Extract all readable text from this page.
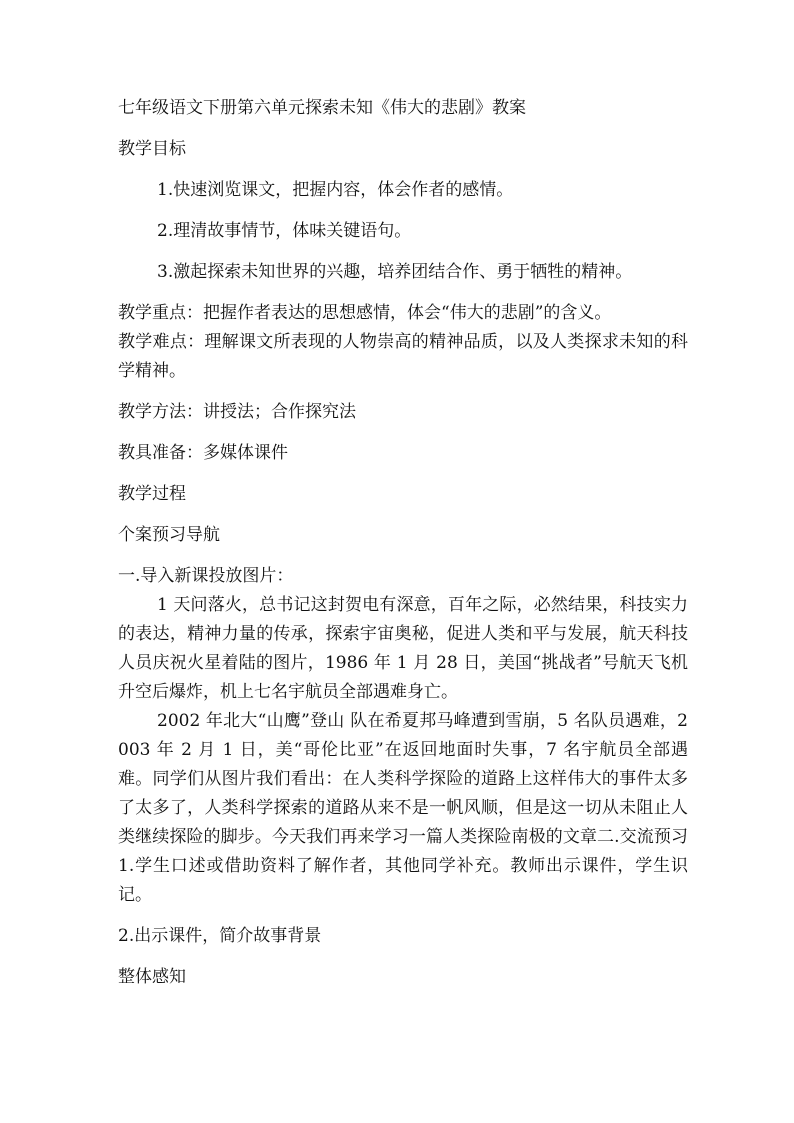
七年级语文下册第六单元探索未知《伟大的悲剧》教案

教学目标

1.快速浏览课文，把握内容，体会作者的感情。

2.理清故事情节，体味关键语句。

3.激起探索未知世界的兴趣，培养团结合作、勇于牺牲的精神。

教学重点：把握作者表达的思想感情，体会“伟大的悲剧”的含义。

教学难点：理解课文所表现的人物崇高的精神品质，以及人类探求未知的科学精神。

教学方法：讲授法；合作探究法

教具准备：多媒体课件

教学过程

个案预习导航

一.导入新课投放图片：

1 天问落火，总书记这封贺电有深意，百年之际，必然结果，科技实力的表达，精神力量的传承，探索宇宙奥秘，促进人类和平与发展，航天科技人员庆祝火星着陆的图片，1986 年 1 月 28 日，美国“挑战者”号航天飞机升空后爆炸，机上七名宇航员全部遇难身亡。

2002 年北大“山鹰”登山 队在希夏邦马峰遭到雪崩，5 名队员遇难，2003 年 2 月 1 日，美“哥伦比亚”在返回地面时失事，7 名宇航员全部遇难。同学们从图片我们看出：在人类科学探险的道路上这样伟大的事件太多了太多了，人类科学探索的道路从来不是一帆风顺，但是这一切从未阻止人类继续探险的脚步。今天我们再来学习一篇人类探险南极的文章二.交流预习1.学生口述或借助资料了解作者，其他同学补充。教师出示课件，学生识记。

2.出示课件，简介故事背景

整体感知
